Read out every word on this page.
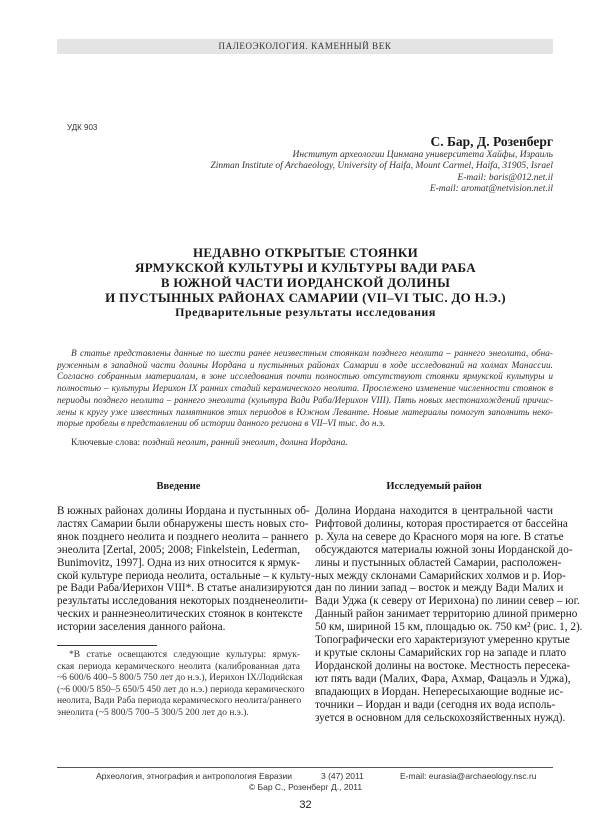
ПАЛЕОЭКОЛОГИЯ. КАМЕННЫЙ ВЕК
УДК 903
С. Бар, Д. Розенберг
Институт археологии Цинмана университета Хайфы, Израиль
Zinman Institute of Archaeology, University of Haifa, Mount Carmel, Haifa, 31905, Israel
E-mail: baris@012.net.il
E-mail: aromat@netvision.net.il
НЕДАВНО ОТКРЫТЫЕ СТОЯНКИ
ЯРМУКСКОЙ КУЛЬТУРЫ И КУЛЬТУРЫ ВАДИ РАБА
В ЮЖНОЙ ЧАСТИ ИОРДАНСКОЙ ДОЛИНЫ
И ПУСТЫННЫХ РАЙОНАХ САМАРИИ (VII–VI ТЫС. ДО Н.Э.)
Предварительные результаты исследования
В статье представлены данные по шести ранее неизвестным стоянкам позднего неолита – раннего энеолита, обна-
руженным в западной части долины Иордана и пустынных районах Самарии в ходе исследований на холмах Манассии.
Согласно собранным материалам, в зоне исследования почти полностью отсутствуют стоянки ярмукской культуры и
полностью – культуры Иерихон IX ранних стадий керамического неолита. Прослежено изменение численности стоянок в
периоды позднего неолита – раннего энеолита (культура Вади Раба/Иерихон VIII). Пять новых местонахождений причис-
лены к кругу уже известных памятников этих периодов в Южном Леванте. Новые материалы помогут заполнить неко-
торые пробелы в представлении об истории данного региона в VII–VI тыс. до н.э.
Ключевые слова: поздний неолит, ранний энеолит, долина Иордана.
Введение
В южных районах долины Иордана и пустынных об-
ластях Самарии были обнаружены шесть новых сто-
янок позднего неолита и позднего неолита – раннего
энеолита [Zertal, 2005; 2008; Finkelstein, Lederman,
Bunimovitz, 1997]. Одна из них относится к ярмук-
ской культуре периода неолита, остальные – к культу-
ре Вади Раба/Иерихон VIII*. В статье анализируются
результаты исследования некоторых поздненеолити-
ческих и раннеэнеолитических стоянок в контексте
истории заселения данного района.
*В статье освещаются следующие культуры: ярмук-
ская периода керамического неолита (калиброванная дата
~6 600/6 400–5 800/5 750 лет до н.э.), Иерихон IX/Лодийская
(~6 000/5 850–5 650/5 450 лет до н.э.) периода керамического
неолита, Вади Раба периода керамического неолита/раннего
энеолита (~5 800/5 700–5 300/5 200 лет до н.э.).
Исследуемый район
Долина Иордана находится в центральной части
Рифтовой долины, которая простирается от бассейна
р. Хула на севере до Красного моря на юге. В статье
обсуждаются материалы южной зоны Иорданской до-
лины и пустынных областей Самарии, расположен-
ных между склонами Самарийских холмов и р. Иор-
дан по линии запад – восток и между Вади Малих и
Вади Уджа (к северу от Иерихона) по линии север – юг.
Данный район занимает территорию длиной примерно
50 км, шириной 15 км, площадью ок. 750 км² (рис. 1, 2).
Топографически его характеризуют умеренно крутые
и крутые склоны Самарийских гор на западе и плато
Иорданской долины на востоке. Местность пересека-
ют пять вади (Малих, Фара, Ахмар, Фацаэль и Уджа),
впадающих в Иордан. Непересыхающие водные ис-
точники – Иордан и вади (сегодня их вода исполь-
зуется в основном для сельскохозяйственных нужд).
Археология, этнография и антропология Евразии	3 (47) 2011	E-mail: eurasia@archaeology.nsc.ru
© Бар С., Розенберг Д., 2011
32
